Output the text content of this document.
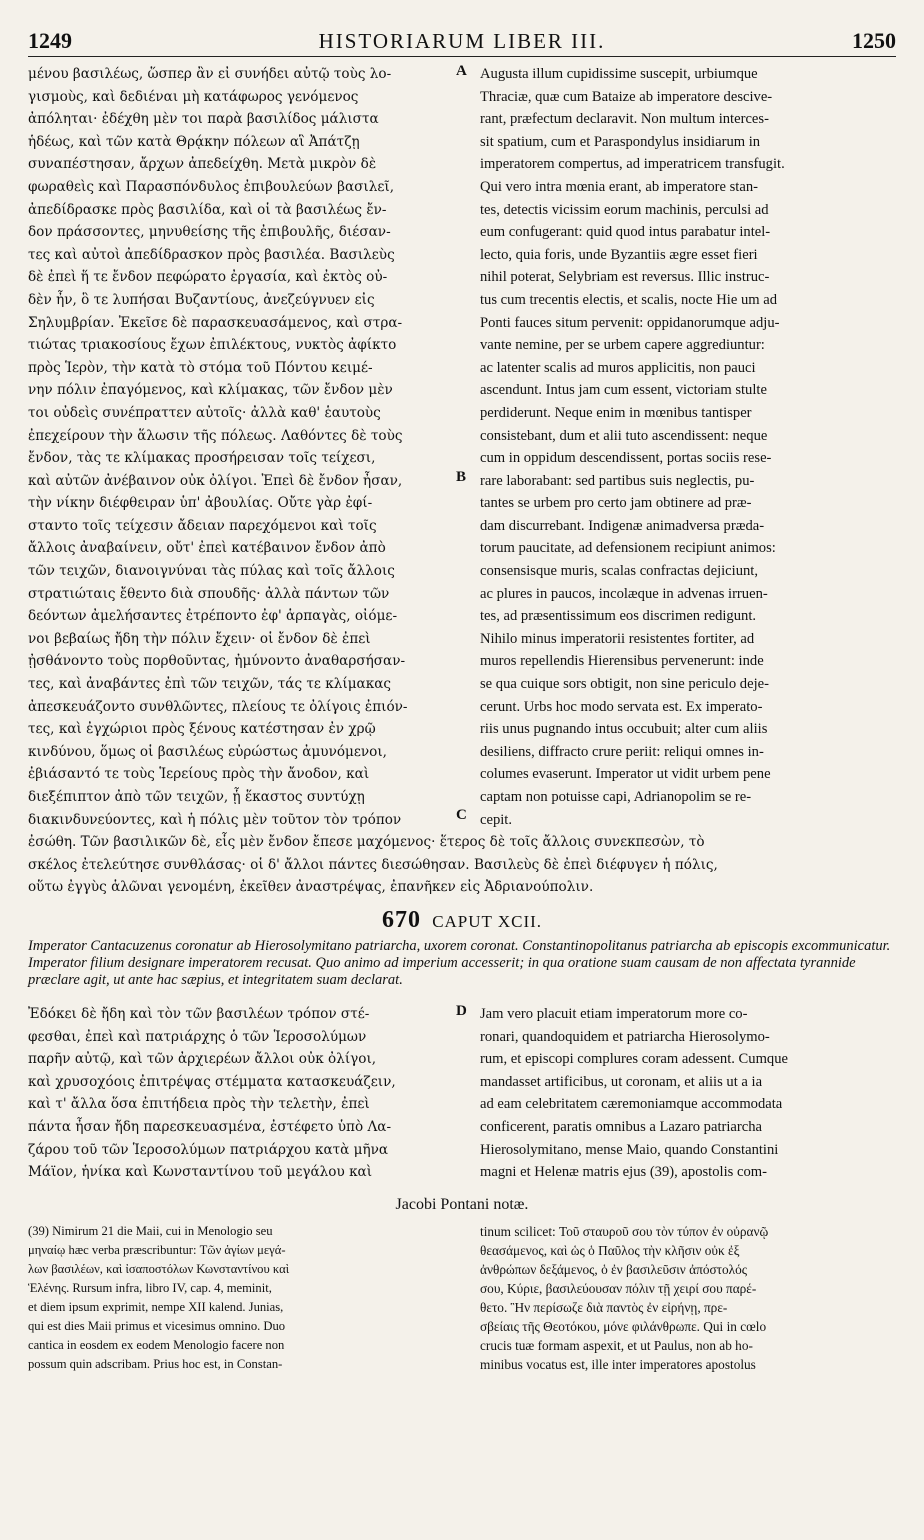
1249	HISTORIARUM LIBER III.	1250
μένου βασιλέως, ὥσπερ ἂν εἰ συνήδει αὐτῷ τοὺς λο-
γισμοὺς, καὶ δεδιέναι μὴ κατάφωρος γενόμενος
ἀπόληται· ἐδέχθη μὲν τοι παρὰ βασιλίδος μάλιστα
ἡδέως, καὶ τῶν κατὰ Θρᾴκην πόλεων αἳ Ἀπάτζῃ
συναπέστησαν, ἄρχων ἀπεδείχθη. Μετὰ μικρὸν δὲ
φωραθεὶς καὶ Παρασπόνδυλος ἐπιβουλεύων βασιλεῖ,
ἀπεδίδρασκε πρὸς βασιλίδα, καὶ οἱ τὰ βασιλέως ἔν-
δον πράσσοντες, μηνυθείσης τῆς ἐπιβουλῆς, διέσαν-
τες καὶ αὐτοὶ ἀπεδίδρασκον πρὸς βασιλέα. Βασιλεὺς
δὲ ἐπεὶ ἥ τε ἔνδον πεφώρατο ἐργασία, καὶ ἐκτὸς οὐ-
δὲν ἦν, ὃ τε λυπήσαι Βυζαντίους, ἀνεζεύγνυεν εἰς
Σηλυμβρίαν. Ἐκεῖσε δὲ παρασκευασάμενος, καὶ στρα-
τιώτας τριακοσίους ἔχων ἐπιλέκτους, νυκτὸς ἀφίκτο
πρὸς Ἱερὸν, τὴν κατὰ τὸ στόμα τοῦ Πόντου κειμέ-
νην πόλιν ἐπαγόμενος, καὶ κλίμακας, τῶν ἔνδον μὲν
τοι οὐδεὶς συνέπραττεν αὐτοῖς· ἀλλὰ καθ' ἑαυτοὺς
ἐπεχείρουν τὴν ἅλωσιν τῆς πόλεως. Λαθόντες δὲ τοὺς
ἔνδον, τὰς τε κλίμακας προσήρεισαν τοῖς τείχεσι,
καὶ αὐτῶν ἀνέβαινον οὐκ ὀλίγοι. Ἐπεὶ δὲ ἔνδον ἦσαν,
τὴν νίκην διέφθειραν ὑπ' ἀβουλίας. Οὔτε γὰρ ἐφί-
σταντο τοῖς τείχεσιν ἄδειαν παρεχόμενοι καὶ τοῖς
ἄλλοις ἀναβαίνειν, οὔτ' ἐπεὶ κατέβαινον ἔνδον ἀπὸ
τῶν τειχῶν, διανοιγνύναι τὰς πύλας καὶ τοῖς ἄλλοις
στρατιώταις ἔθεντο διὰ σπουδῆς· ἀλλὰ πάντων τῶν
δεόντων ἀμελήσαντες ἐτρέποντο ἐφ' ἁρπαγὰς, οἰόμε-
νοι βεβαίως ἤδη τὴν πόλιν ἔχειν· οἱ ἔνδον δὲ ἐπεὶ
ᾐσθάνοντο τοὺς πορθοῦντας, ἠμύνοντο ἀναθαρσήσαν-
τες, καὶ ἀναβάντες ἐπὶ τῶν τειχῶν, τάς τε κλίμακας
ἀπεσκευάζοντο συνθλῶντες, πλείους τε ὀλίγοις ἐπιόν-
τες, καὶ ἐγχώριοι πρὸς ξένους κατέστησαν ἐν χρῷ
κινδύνου, ὅμως οἱ βασιλέως εὐρώστως ἀμυνόμενοι,
ἐβιάσαντό τε τοὺς Ἱερείους πρὸς τὴν ἄνοδον, καὶ
διεξέπιπτον ἀπὸ τῶν τειχῶν, ᾗ ἕκαστος συντύχῃ
διακινδυνεύοντες, καὶ ἡ πόλις μὲν τοῦτον τὸν τρόπον
A
B
C
Augusta illum cupidissime suscepit, urbiumque
Thraciæ, quæ cum Bataize ab imperatore descive-
rant, præfectum declaravit. Non multum interces-
sit spatium, cum et Paraspondylus insidiarum in
imperatorem compertus, ad imperatricem transfugit.
Qui vero intra mœnia erant, ab imperatore stan-
tes, detectis vicissim eorum machinis, perculsi ad
eum confugerant: quid quod intus parabatur intel-
lecto, quia foris, unde Byzantiis ægre esset fieri
nihil poterat, Selybriam est reversus. Illic instruc-
tus cum trecentis electis, et scalis, nocte Hie um ad
Ponti fauces situm pervenit: oppidanorumque adju-
vante nemine, per se urbem capere aggrediuntur:
ac latenter scalis ad muros applicitis, non pauci
ascendunt. Intus jam cum essent, victoriam stulte
perdiderunt. Neque enim in mœnibus tantisper
consistebant, dum et alii tuto ascendissent: neque
cum in oppidum descendissent, portas sociis rese-
rare laborabant: sed partibus suis neglectis, pu-
tantes se urbem pro certo jam obtinere ad præ-
dam discurrebant. Indigenæ animadversa præda-
torum paucitate, ad defensionem recipiunt animos:
consensisque muris, scalas confractas dejiciunt,
ac plures in paucos, incolæque in advenas irruen-
tes, ad præsentissimum eos discrimen redigunt.
Nihilo minus imperatorii resistentes fortiter, ad
muros repellendis Hierensibus pervenerunt: inde
se qua cuique sors obtigit, non sine periculo deje-
cerunt. Urbs hoc modo servata est. Ex imperato-
riis unus pugnando intus occubuit; alter cum aliis
desiliens, diffracto crure periit: reliqui omnes in-
columes evaserunt. Imperator ut vidit urbem pene
captam non potuisse capi, Adrianopolim se re-
cepit.
ἐσώθη. Τῶν βασιλικῶν δὲ, εἷς μὲν ἔνδον ἔπεσε μαχόμενος· ἕτερος δὲ τοῖς ἄλλοις συνεκπεσὼν, τὸ
σκέλος ἐτελεύτησε συνθλάσας· οἱ δ' ἄλλοι πάντες διεσώθησαν. Βασιλεὺς δὲ ἐπεὶ διέφυγεν ἡ πόλις,
οὕτω ἐγγὺς ἁλῶναι γενομένη, ἐκεῖθεν ἀναστρέψας, ἐπανῆκεν εἰς Ἀδριανούπολιν.
670 CAPUT XCII.
Imperator Cantacuzenus coronatur ab Hierosolymitano patriarcha, uxorem coronat. Constantinopolitanus patriarcha ab episcopis excommunicatur. Imperator filium designare imperatorem recusat. Quo animo ad imperium accesserit; in qua oratione suam causam de non affectata tyrannide præclare agit, ut ante hac sæpius, et integritatem suam declarat.
Ἐδόκει δὲ ἤδη καὶ τὸν τῶν βασιλέων τρόπον στέ-
φεσθαι, ἐπεὶ καὶ πατριάρχης ὁ τῶν Ἱεροσολύμων
παρῆν αὐτῷ, καὶ τῶν ἀρχιερέων ἄλλοι οὐκ ὀλίγοι,
καὶ χρυσοχόοις ἐπιτρέψας στέμματα κατασκευάζειν,
καὶ τ' ἄλλα ὅσα ἐπιτήδεια πρὸς τὴν τελετὴν, ἐπεὶ
πάντα ἦσαν ἤδη παρεσκευασμένα, ἐστέφετο ὑπὸ Λα-
ζάρου τοῦ τῶν Ἱεροσολύμων πατριάρχου κατὰ μῆνα
Μάϊον, ἡνίκα καὶ Κωνσταντίνου τοῦ μεγάλου καὶ
D Jam vero placuit etiam imperatorum more co-
ronari, quandoquidem et patriarcha Hierosolymo-
rum, et episcopi complures coram adessent. Cumque
mandasset artificibus, ut coronam, et aliis ut a ia
ad eam celebritatem cæremoniamque accommodata
conficerent, paratis omnibus a Lazaro patriarcha
Hierosolymitano, mense Maio, quando Constantini
magni et Helenæ matris ejus (39), apostolis com-
Jacobi Pontani notæ.
(39) Nimirum 21 die Maii, cui in Menologio seu
μηναίῳ hæc verba præscribuntur: Τῶν ἁγίων μεγά-
λων βασιλέων, καὶ ἰσαποστόλων Κωνσταντίνου καὶ
Ἑλένης. Rursum infra, libro IV, cap. 4, meminit,
et diem ipsum exprimit, nempe XII kalend. Junias,
qui est dies Maii primus et vicesimus omnino. Duo
cantica in eosdem ex eodem Menologio facere non
possum quin adscribam. Prius hoc est, in Constan-
tinum scilicet: Τοῦ σταυροῦ σου τὸν τύπον ἐν οὐρανῷ
θεασάμενος, καὶ ὡς ὁ Παῦλος τὴν κλῆσιν οὐκ ἐξ
ἀνθρώπων δεξάμενος, ὁ ἐν βασιλεῦσιν ἀπόστολός
σου, Κύριε, βασιλεύουσαν πόλιν τῇ χειρί σου παρέ-
θετο. Ἣν περίσωζε διὰ παντὸς ἐν εἰρήνῃ, πρε-
σβείαις τῆς Θεοτόκου, μόνε φιλάνθρωπε. Qui in cœlo
crucis tuæ formam aspexit, et ut Paulus, non ab ho-
minibus vocatus est, ille inter imperatores apostolus
